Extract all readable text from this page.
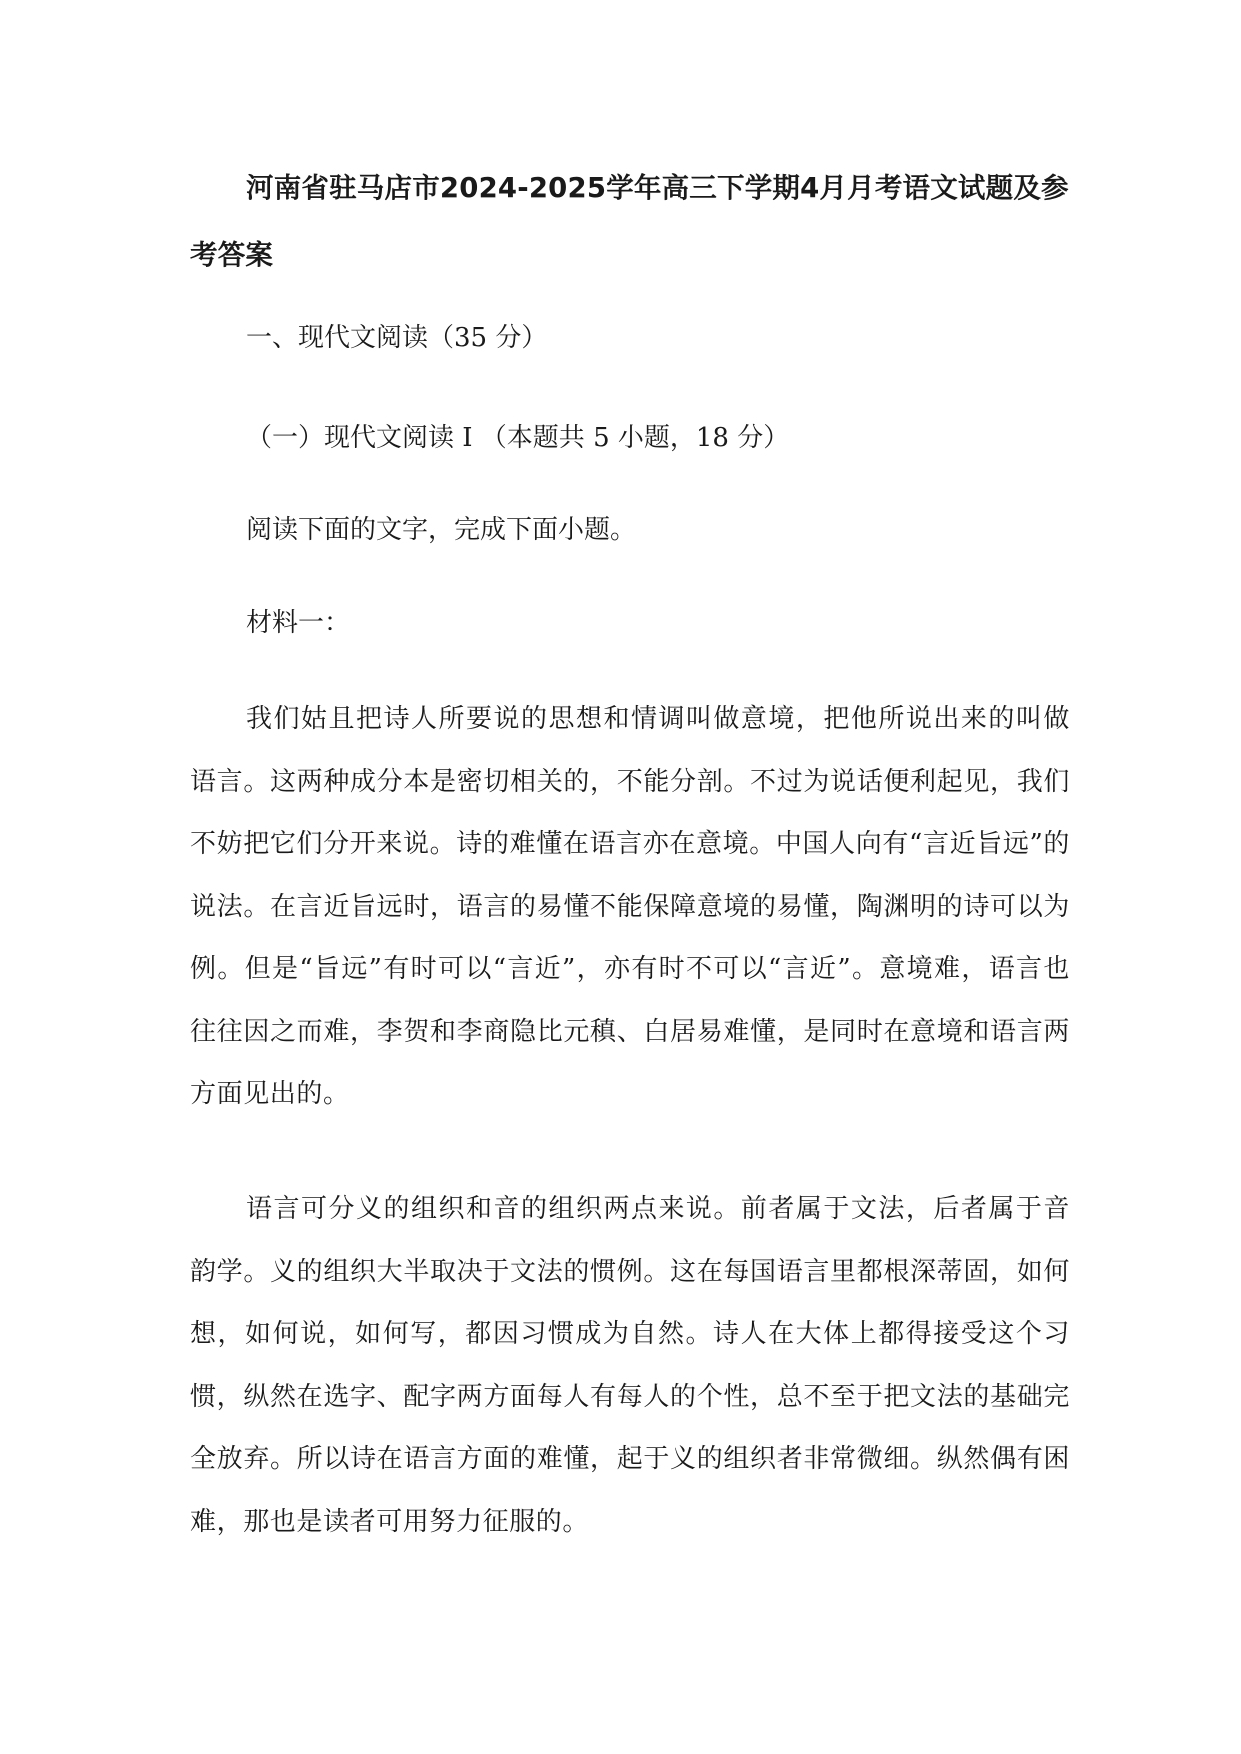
河南省驻马店市2024-2025学年高三下学期4月月考语文试题及参考答案

一、现代文阅读（35 分）

（一）现代文阅读 I （本题共 5 小题，18 分）

阅读下面的文字，完成下面小题。

材料一：

我们姑且把诗人所要说的思想和情调叫做意境，把他所说出来的叫做语言。这两种成分本是密切相关的，不能分剖。不过为说话便利起见，我们不妨把它们分开来说。诗的难懂在语言亦在意境。中国人向有“言近旨远”的说法。在言近旨远时，语言的易懂不能保障意境的易懂，陶渊明的诗可以为例。但是“旨远”有时可以“言近”，亦有时不可以“言近”。意境难，语言也往往因之而难，李贺和李商隐比元稹、白居易难懂，是同时在意境和语言两方面见出的。

语言可分义的组织和音的组织两点来说。前者属于文法，后者属于音韵学。义的组织大半取决于文法的惯例。这在每国语言里都根深蒂固，如何想，如何说，如何写，都因习惯成为自然。诗人在大体上都得接受这个习惯，纵然在选字、配字两方面每人有每人的个性，总不至于把文法的基础完全放弃。所以诗在语言方面的难懂，起于义的组织者非常微细。纵然偶有困难，那也是读者可用努力征服的。
